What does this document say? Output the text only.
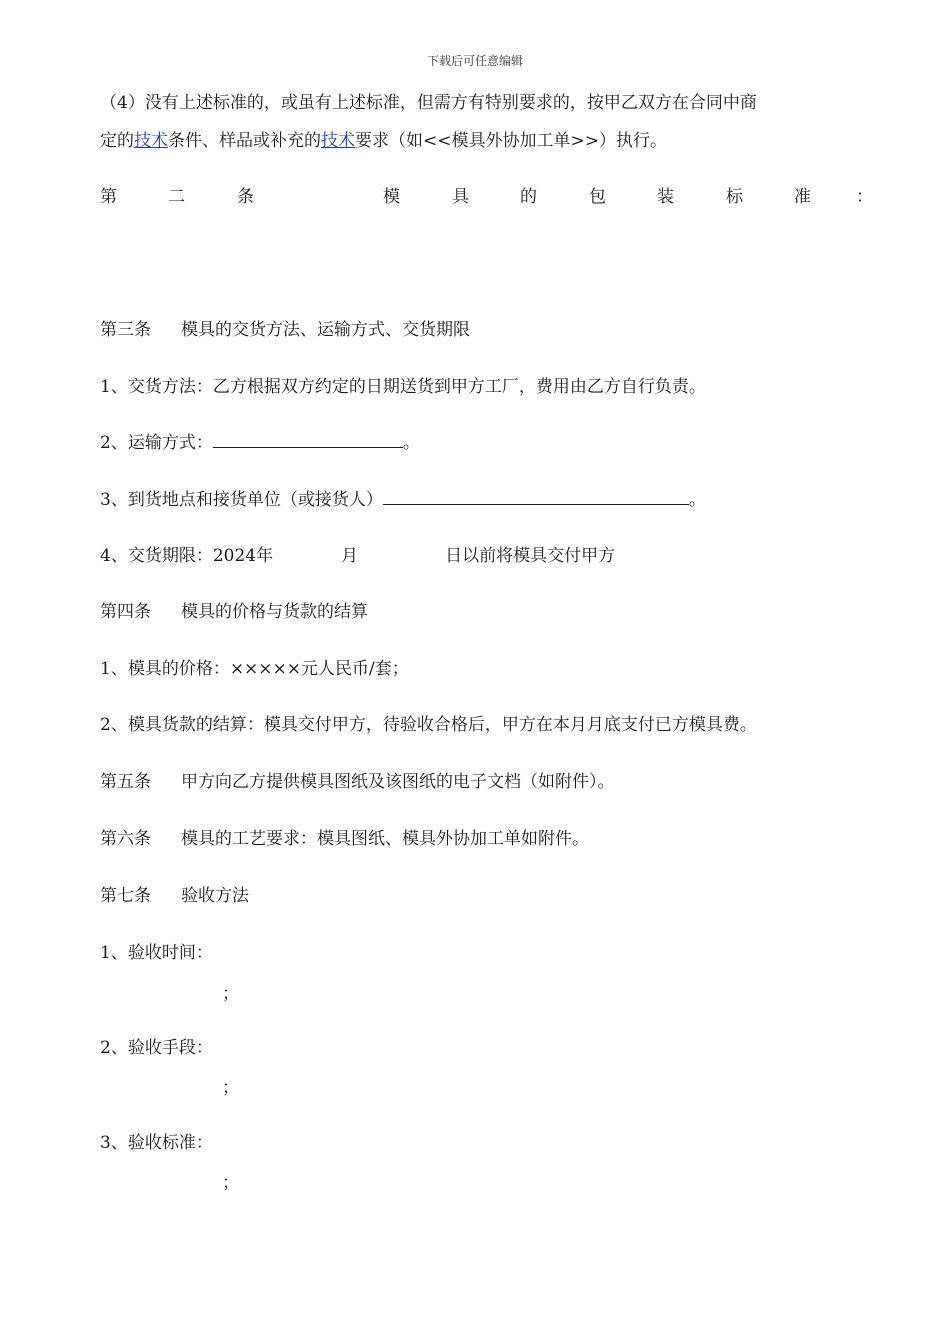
下载后可任意编辑
（4）没有上述标准的，或虽有上述标准，但需方有特别要求的，按甲乙双方在合同中商
定的技术条件、样品或补充的技术要求（如<<模具外协加工单>>）执行。
第	二	条	模	具	的	包	装	标	准	：
第三条 模具的交货方法、运输方式、交货期限
1、交货方法：乙方根据双方约定的日期送货到甲方工厂，费用由乙方自行负责。
2、运输方式：	。
3、到货地点和接货单位（或接货人）	。
4、交货期限：2024年	月	日以前将模具交付甲方
第四条 模具的价格与货款的结算
1、模具的价格：×××××元人民币/套；
2、模具货款的结算：模具交付甲方，待验收合格后，甲方在本月月底支付已方模具费。
第五条 甲方向乙方提供模具图纸及该图纸的电子文档（如附件）。
第六条 模具的工艺要求：模具图纸、模具外协加工单如附件。
第七条 验收方法
1、验收时间：
；
2、验收手段：
；
3、验收标准：
；
